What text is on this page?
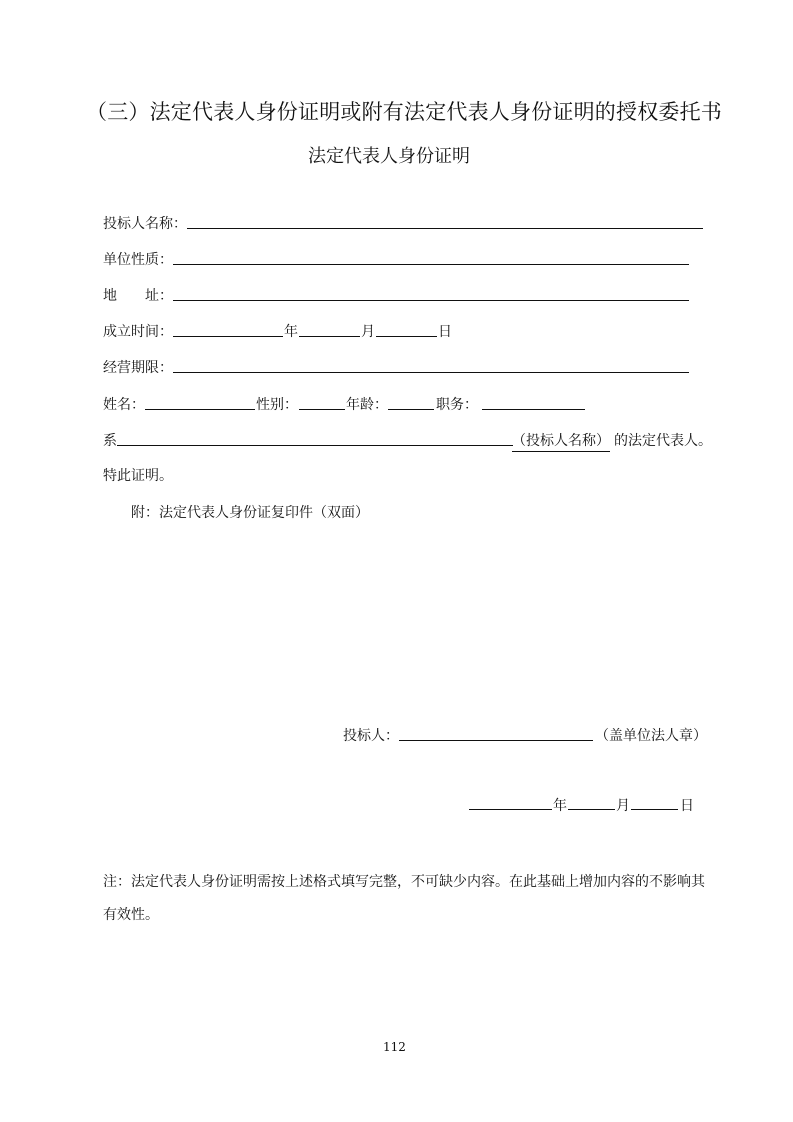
（三）法定代表人身份证明或附有法定代表人身份证明的授权委托书
法定代表人身份证明
投标人名称：
单位性质：
地　　址：
成立时间：	年	月	日
经营期限：
姓名：	性别：	年龄：	职务：
系	（投标人名称） 的法定代表人。
特此证明。
附：法定代表人身份证复印件（双面）
投标人：	（盖单位法人章）
年	月	日
注：法定代表人身份证明需按上述格式填写完整，不可缺少内容。在此基础上增加内容的不影响其有效性。
112
